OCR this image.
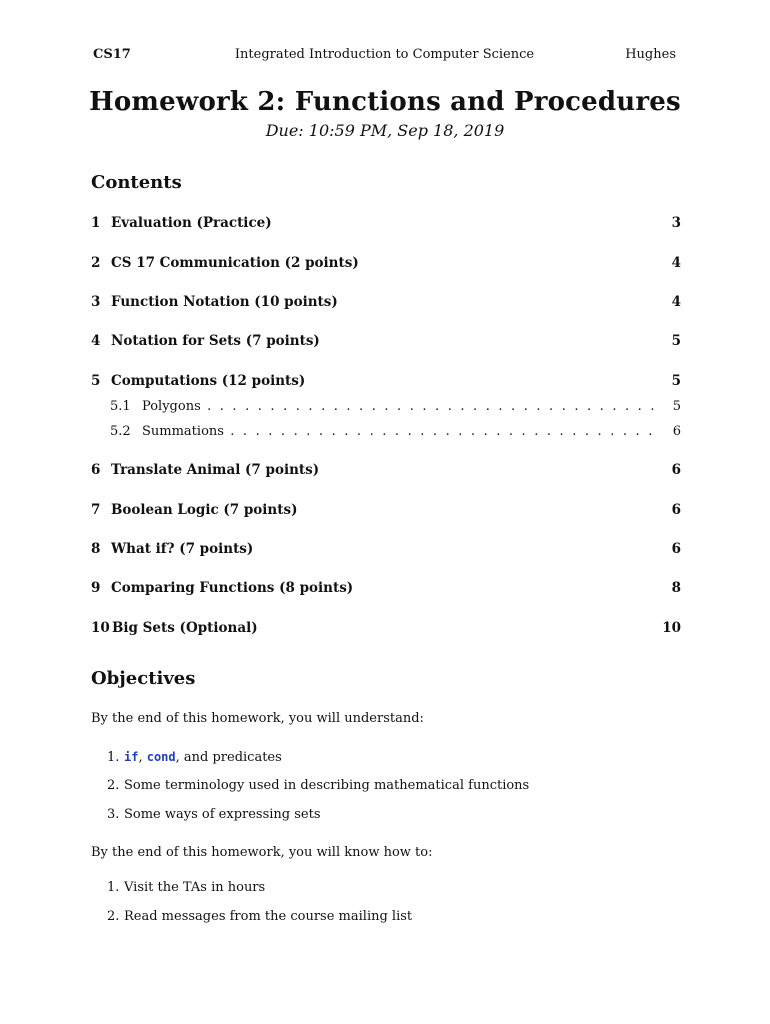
CS17	Integrated Introduction to Computer Science	Hughes
Homework 2: Functions and Procedures
Due: 10:59 PM, Sep 18, 2019
Contents
1 Evaluation (Practice)	3
2 CS 17 Communication (2 points)	4
3 Function Notation (10 points)	4
4 Notation for Sets (7 points)	5
5 Computations (12 points)	5
5.1 Polygons . . .	5
5.2 Summations . . .	6
6 Translate Animal (7 points)	6
7 Boolean Logic (7 points)	6
8 What if? (7 points)	6
9 Comparing Functions (8 points)	8
10 Big Sets (Optional)	10
Objectives
By the end of this homework, you will understand:
1. if, cond, and predicates
2. Some terminology used in describing mathematical functions
3. Some ways of expressing sets
By the end of this homework, you will know how to:
1. Visit the TAs in hours
2. Read messages from the course mailing list
